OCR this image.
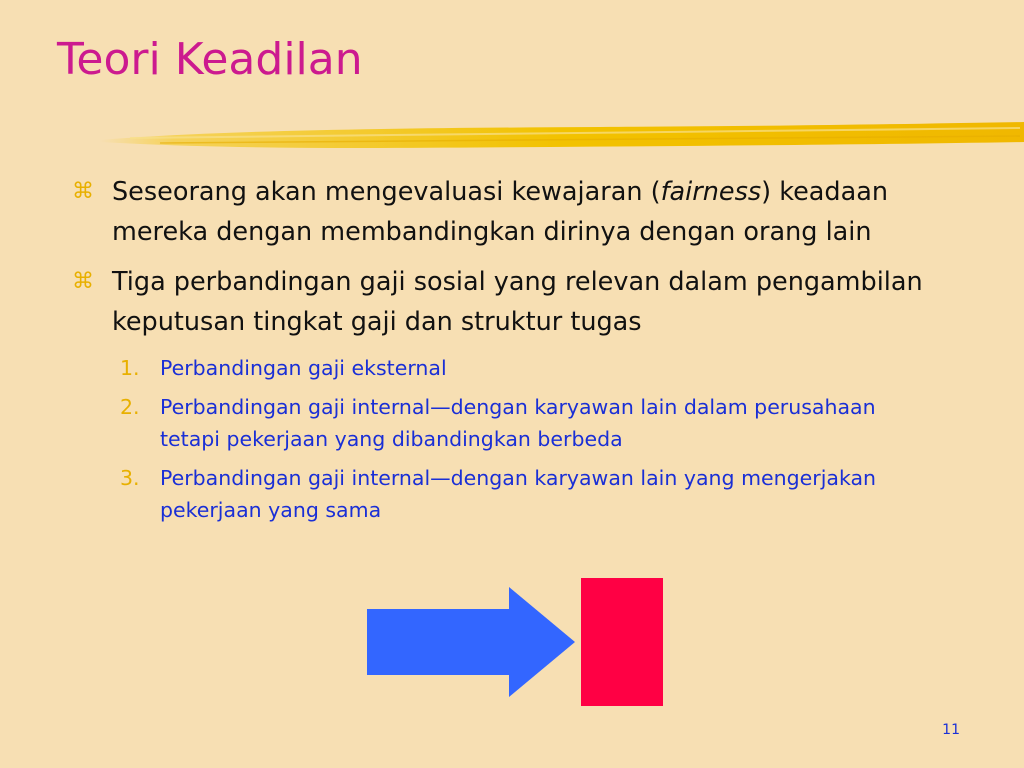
Teori Keadilan
⌘ Seseorang akan mengevaluasi kewajaran (fairness) keadaan mereka dengan membandingkan dirinya dengan orang lain
⌘ Tiga perbandingan gaji sosial yang relevan dalam pengambilan keputusan tingkat gaji dan struktur tugas
1. Perbandingan gaji eksternal
2. Perbandingan gaji internal—dengan karyawan lain dalam perusahaan tetapi pekerjaan yang dibandingkan berbeda
3. Perbandingan gaji internal—dengan karyawan lain yang mengerjakan pekerjaan yang sama
11
